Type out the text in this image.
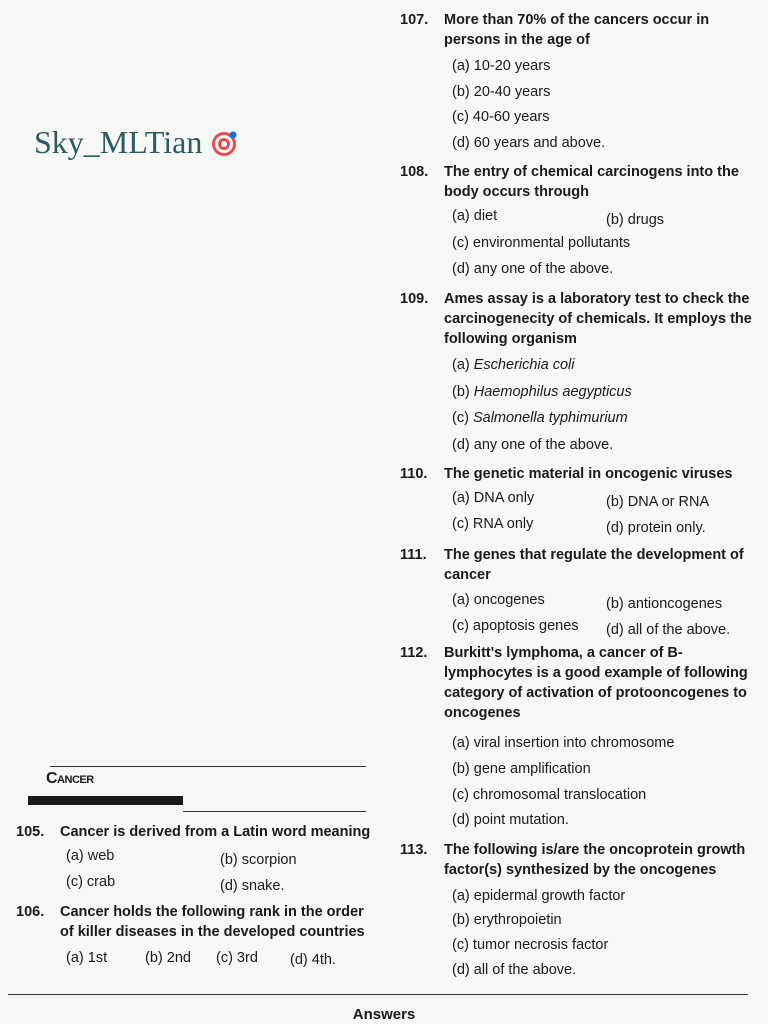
Sky_MLTian
Cancer
105.	Cancer is derived from a Latin word meaning
(a) web	(b) scorpion
(c) crab	(d) snake.
106.	Cancer holds the following rank in the order of killer diseases in the developed countries
(a) 1st	(b) 2nd (c) 3rd (d) 4th.
107.	More than 70% of the cancers occur in persons in the age of
(a) 10-20 years
(b) 20-40 years
(c) 40-60 years
(d) 60 years and above.
108.	The entry of chemical carcinogens into the body occurs through
(a) diet	(b) drugs
(c) environmental pollutants
(d) any one of the above.
109.	Ames assay is a laboratory test to check the carcinogenecity of chemicals. It employs the following organism
(a) Escherichia coli
(b) Haemophilus aegypticus
(c) Salmonella typhimurium
(d) any one of the above.
110.	The genetic material in oncogenic viruses
(a) DNA only	(b) DNA or RNA
(c) RNA only	(d) protein only.
111.	The genes that regulate the development of cancer
(a) oncogenes	(b) antioncogenes
(c) apoptosis genes (d) all of the above.
112.	Burkitt's lymphoma, a cancer of B-lymphocytes is a good example of following category of activation of protooncogenes to oncogenes
(a) viral insertion into chromosome
(b) gene amplification
(c) chromosomal translocation
(d) point mutation.
113.	The following is/are the oncoprotein growth factor(s) synthesized by the oncogenes
(a) epidermal growth factor
(b) erythropoietin
(c) tumor necrosis factor
(d) all of the above.
Answers
